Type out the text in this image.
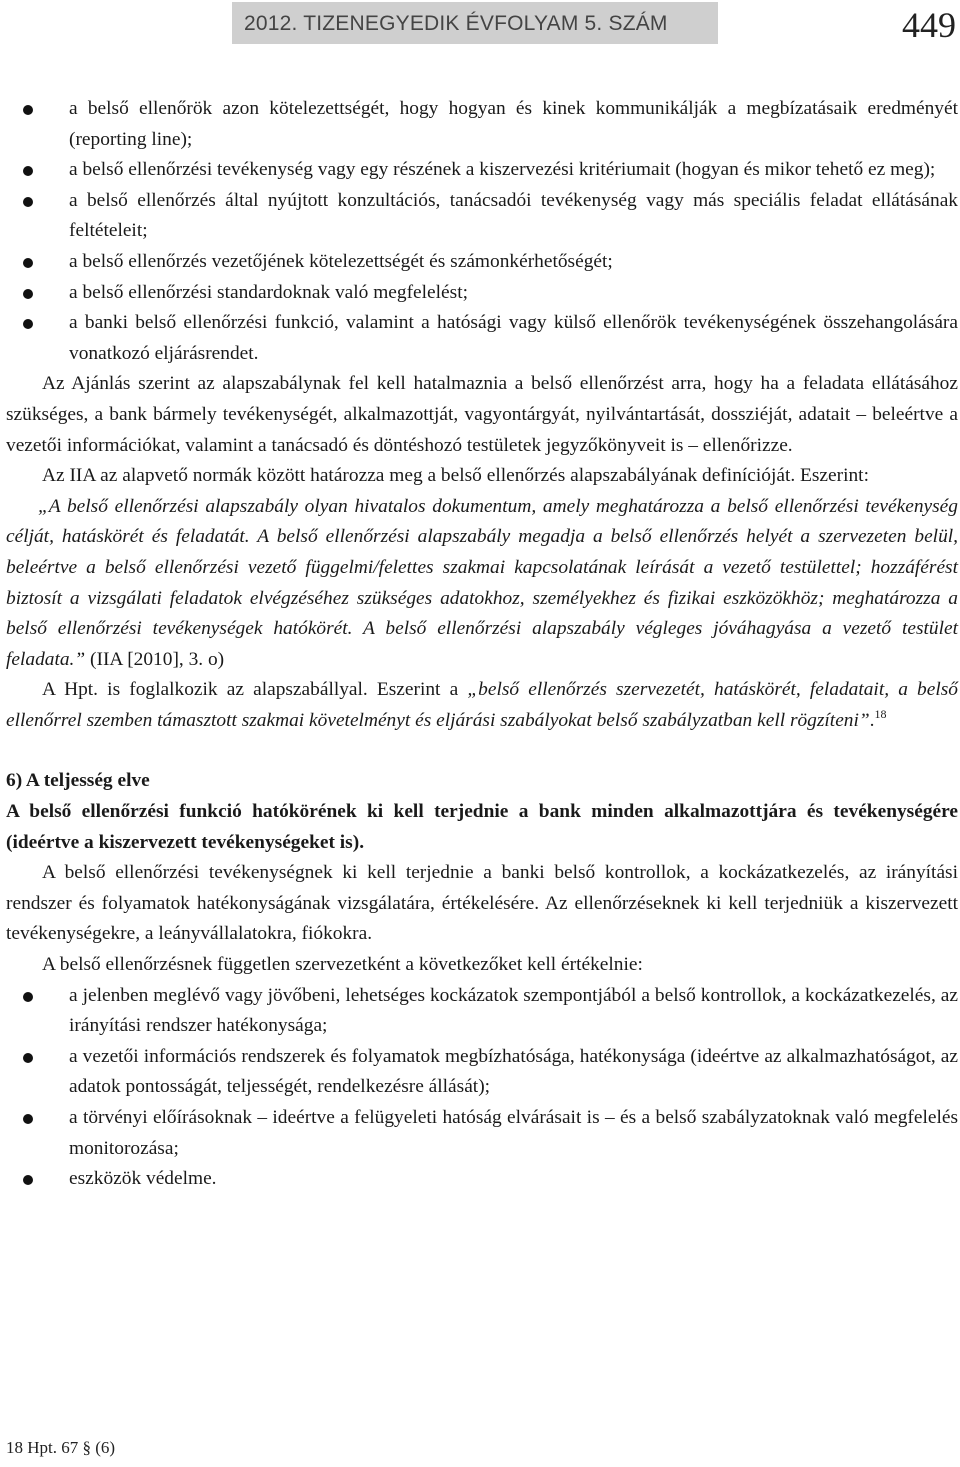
2012. TIZENEGYEDIK ÉVFOLYAM 5. SZÁM	449
a belső ellenőrök azon kötelezettségét, hogy hogyan és kinek kommunikálják a megbízatásaik eredményét (reporting line);
a belső ellenőrzési tevékenység vagy egy részének a kiszervezési kritériumait (hogyan és mikor tehető ez meg);
a belső ellenőrzés által nyújtott konzultációs, tanácsadói tevékenység vagy más speciális feladat ellátásának feltételeit;
a belső ellenőrzés vezetőjének kötelezettségét és számonkérhetőségét;
a belső ellenőrzési standardoknak való megfelelést;
a banki belső ellenőrzési funkció, valamint a hatósági vagy külső ellenőrök tevékenységének összehangolására vonatkozó eljárásrendet.

Az Ajánlás szerint az alapszabálynak fel kell hatalmaznia a belső ellenőrzést arra, hogy ha a feladata ellátásához szükséges, a bank bármely tevékenységét, alkalmazottját, vagyontárgyát, nyilvántartását, dossziéját, adatait – beleértve a vezetői információkat, valamint a tanácsadó és döntéshozó testületek jegyzőkönyveit is – ellenőrizze.

Az IIA az alapvető normák között határozza meg a belső ellenőrzés alapszabályának definícióját. Eszerint:

„A belső ellenőrzési alapszabály olyan hivatalos dokumentum, amely meghatározza a belső ellenőrzési tevékenység célját, hatáskörét és feladatát. A belső ellenőrzési alapszabály megadja a belső ellenőrzés helyét a szervezeten belül, beleértve a belső ellenőrzési vezető függelmi/felettes szakmai kapcsolatának leírását a vezető testülettel; hozzáférést biztosít a vizsgálati feladatok elvégzéséhez szükséges adatokhoz, személyekhez és fizikai eszközökhöz; meghatározza a belső ellenőrzési tevékenységek hatókörét. A belső ellenőrzési alapszabály végleges jóváhagyása a vezető testület feladata.” (IIA [2010], 3. o)

A Hpt. is foglalkozik az alapszabállyal. Eszerint a „belső ellenőrzés szervezetét, hatáskörét, feladatait, a belső ellenőrrel szemben támasztott szakmai követelményt és eljárási szabályokat belső szabályzatban kell rögzíteni”.$^{18}$

6) A teljesség elve

A belső ellenőrzési funkció hatókörének ki kell terjednie a bank minden alkalmazottjára és tevékenységére (ideértve a kiszervezett tevékenységeket is).

A belső ellenőrzési tevékenységnek ki kell terjednie a banki belső kontrollok, a kockázatkezelés, az irányítási rendszer és folyamatok hatékonyságának vizsgálatára, értékelésére. Az ellenőrzéseknek ki kell terjedniük a kiszervezett tevékenységekre, a leányvállalatokra, fiókokra.

A belső ellenőrzésnek független szervezetként a következőket kell értékelnie:

a jelenben meglévő vagy jövőbeni, lehetséges kockázatok szempontjából a belső kontrollok, a kockázatkezelés, az irányítási rendszer hatékonysága;
a vezetői információs rendszerek és folyamatok megbízhatósága, hatékonysága (ideértve az alkalmazhatóságot, az adatok pontosságát, teljességét, rendelkezésre állását);
a törvényi előírásoknak – ideértve a felügyeleti hatóság elvárásait is – és a belső szabályzatoknak való megfelelés monitorozása;
eszközök védelme.
18 Hpt. 67 § (6)
